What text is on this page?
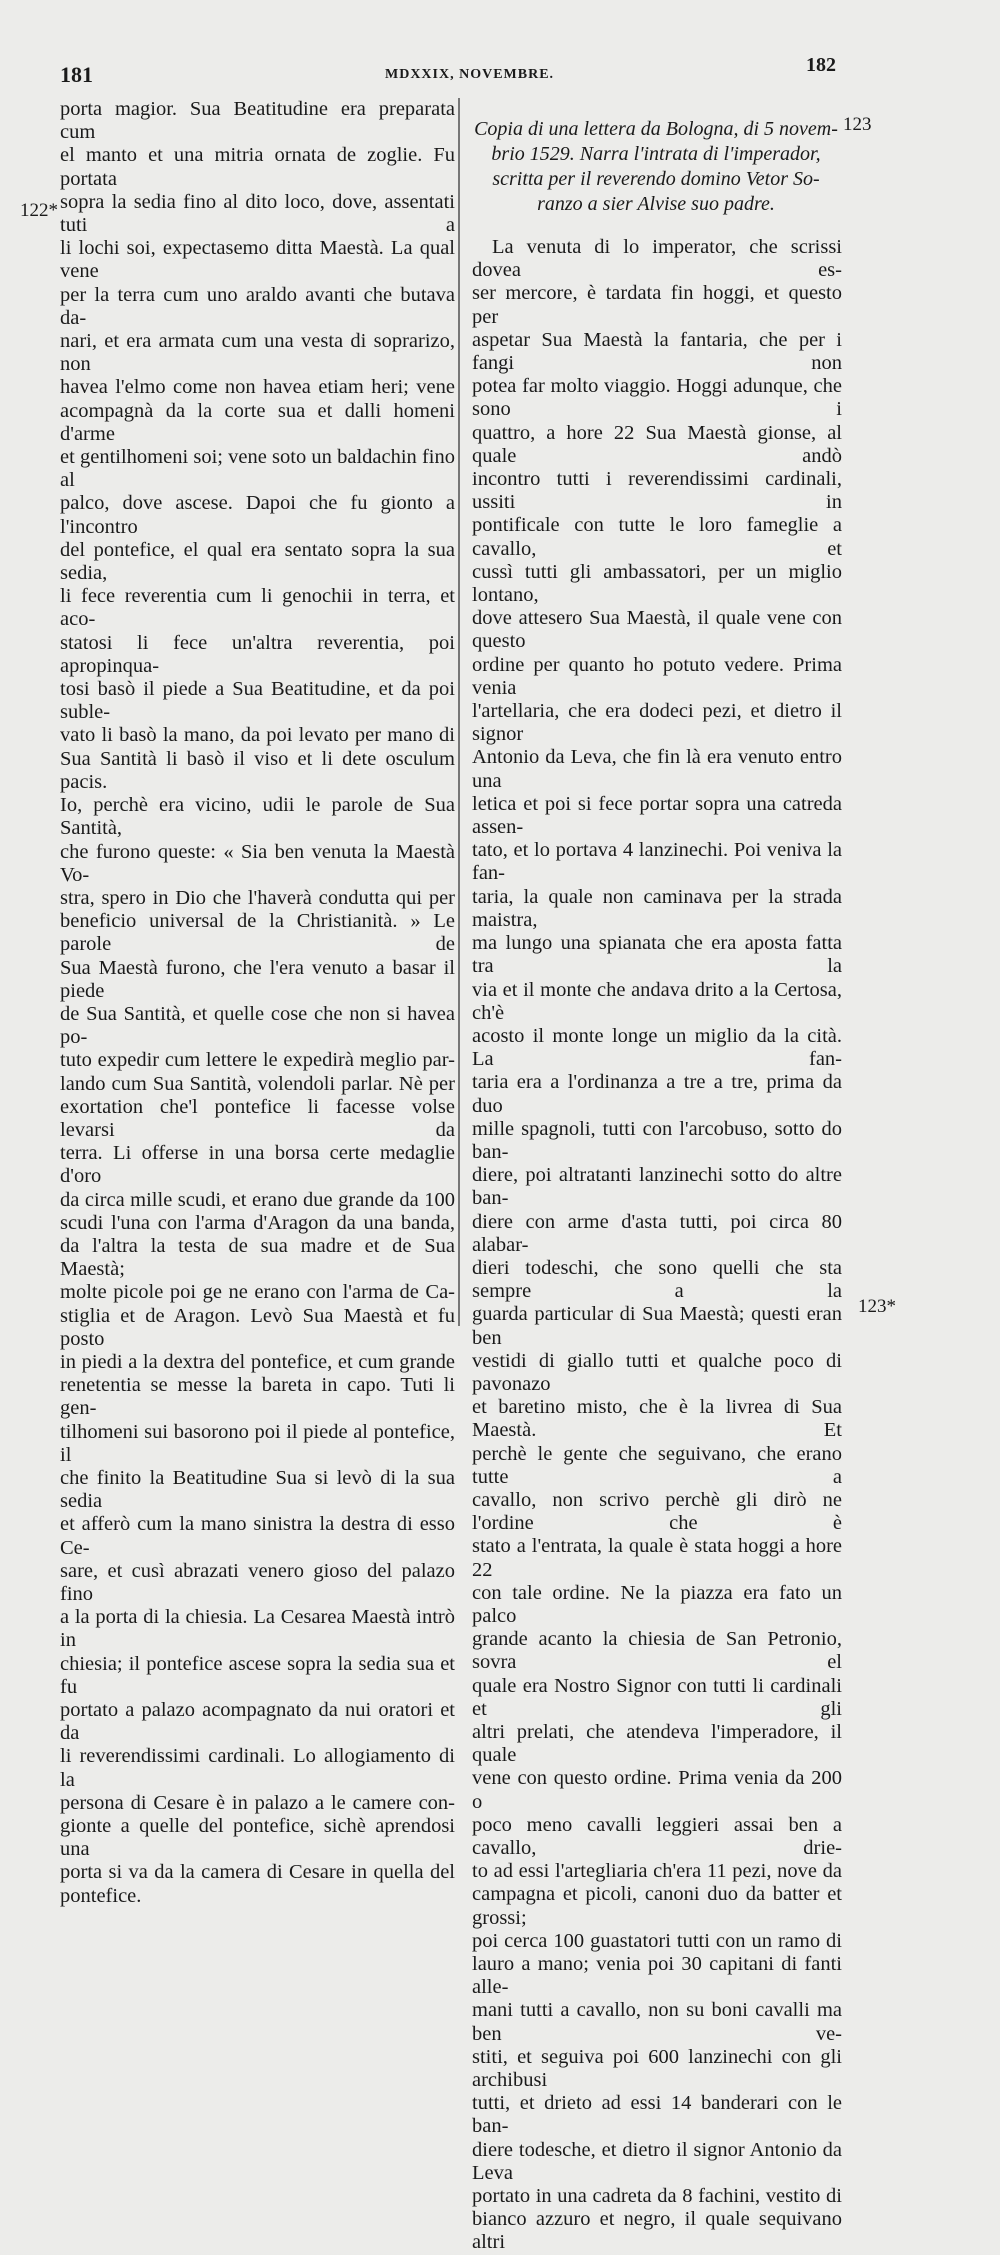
181	MDXXIX, NOVEMBRE.	182
122*
123
123*
porta magior. Sua Beatitudine era preparata cum
el manto et una mitria ornata de zoglie. Fu portata
sopra la sedia fino al dito loco, dove, assentati tuti a
li lochi soi, expectasemo ditta Maestà. La qual vene
per la terra cum uno araldo avanti che butava da-
nari, et era armata cum una vesta di soprarizo, non
havea l'elmo come non havea etiam heri; vene
acompagnà da la corte sua et dalli homeni d'arme
et gentilhomeni soi; vene soto un baldachin fino al
palco, dove ascese. Dapoi che fu gionto a l'incontro
del pontefice, el qual era sentato sopra la sua sedia,
li fece reverentia cum li genochii in terra, et aco-
statosi li fece un'altra reverentia, poi apropinqua-
tosi basò il piede a Sua Beatitudine, et da poi suble-
vato li basò la mano, da poi levato per mano di
Sua Santità li basò il viso et li dete osculum pacis.
Io, perchè era vicino, udii le parole de Sua Santità,
che furono queste: « Sia ben venuta la Maestà Vo-
stra, spero in Dio che l'haverà condutta qui per
beneficio universal de la Christianità. » Le parole de
Sua Maestà furono, che l'era venuto a basar il piede
de Sua Santità, et quelle cose che non si havea po-
tuto expedir cum lettere le expedirà meglio par-
lando cum Sua Santità, volendoli parlar. Nè per
exortation che'l pontefice li facesse volse levarsi da
terra. Li offerse in una borsa certe medaglie d'oro
da circa mille scudi, et erano due grande da 100
scudi l'una con l'arma d'Aragon da una banda,
da l'altra la testa de sua madre et de Sua Maestà;
molte picole poi ge ne erano con l'arma de Ca-
stiglia et de Aragon. Levò Sua Maestà et fu posto
in piedi a la dextra del pontefice, et cum grande
renetentia se messe la bareta in capo. Tuti li gen-
tilhomeni sui basorono poi il piede al pontefice, il
che finito la Beatitudine Sua si levò di la sua sedia
et afferò cum la mano sinistra la destra di esso Ce-
sare, et cusì abrazati venero gioso del palazo fino
a la porta di la chiesia. La Cesarea Maestà intrò in
chiesia; il pontefice ascese sopra la sedia sua et fu
portato a palazo acompagnato da nui oratori et da
li reverendissimi cardinali. Lo allogiamento di la
persona di Cesare è in palazo a le camere con-
gionte a quelle del pontefice, sichè aprendosi una
porta si va da la camera di Cesare in quella del
pontefice.
Copia di una lettera da Bologna, di 5 novem-
brio 1529. Narra l'intrata di l'imperador,
scritta per il reverendo domino Vetor So-
ranzo a sier Alvise suo padre.
La venuta di lo imperator, che scrissi dovea es-
ser mercore, è tardata fin hoggi, et questo per
aspetar Sua Maestà la fantaria, che per i fangi non
potea far molto viaggio. Hoggi adunque, che sono i
quattro, a hore 22 Sua Maestà gionse, al quale andò
incontro tutti i reverendissimi cardinali, ussiti in
pontificale con tutte le loro fameglie a cavallo, et
cussì tutti gli ambassatori, per un miglio lontano,
dove attesero Sua Maestà, il quale vene con questo
ordine per quanto ho potuto vedere. Prima venia
l'artellaria, che era dodeci pezi, et dietro il signor
Antonio da Leva, che fin là era venuto entro una
letica et poi si fece portar sopra una catreda assen-
tato, et lo portava 4 lanzinechi. Poi veniva la fan-
taria, la quale non caminava per la strada maistra,
ma lungo una spianata che era aposta fatta tra la
via et il monte che andava drito a la Certosa, ch'è
acosto il monte longe un miglio da la cità. La fan-
taria era a l'ordinanza a tre a tre, prima da duo
mille spagnoli, tutti con l'arcobuso, sotto do ban-
diere, poi altratanti lanzinechi sotto do altre ban-
diere con arme d'asta tutti, poi circa 80 alabar-
dieri todeschi, che sono quelli che sta sempre a la
guarda particular di Sua Maestà; questi eran ben
vestidi di giallo tutti et qualche poco di pavonazo
et baretino misto, che è la livrea di Sua Maestà. Et
perchè le gente che seguivano, che erano tutte a
cavallo, non scrivo perchè gli dirò ne l'ordine che è
stato a l'entrata, la quale è stata hoggi a hore 22
con tale ordine. Ne la piazza era fato un palco
grande acanto la chiesia de San Petronio, sovra el
quale era Nostro Signor con tutti li cardinali et gli
altri prelati, che atendeva l'imperadore, il quale
vene con questo ordine. Prima venia da 200 o
poco meno cavalli leggieri assai ben a cavallo, drie-
to ad essi l'artegliaria ch'era 11 pezi, nove da
campagna et picoli, canoni duo da batter et grossi;
poi cerca 100 guastatori tutti con un ramo di
lauro a mano; venia poi 30 capitani di fanti alle-
mani tutti a cavallo, non su boni cavalli ma ben ve-
stiti, et seguiva poi 600 lanzinechi con gli archibusi
tutti, et drieto ad essi 14 banderari con le ban-
diere todesche, et dietro il signor Antonio da Leva
portato in una cadreta da 8 fachini, vestito di
bianco azzuro et negro, il quale sequivano altri
